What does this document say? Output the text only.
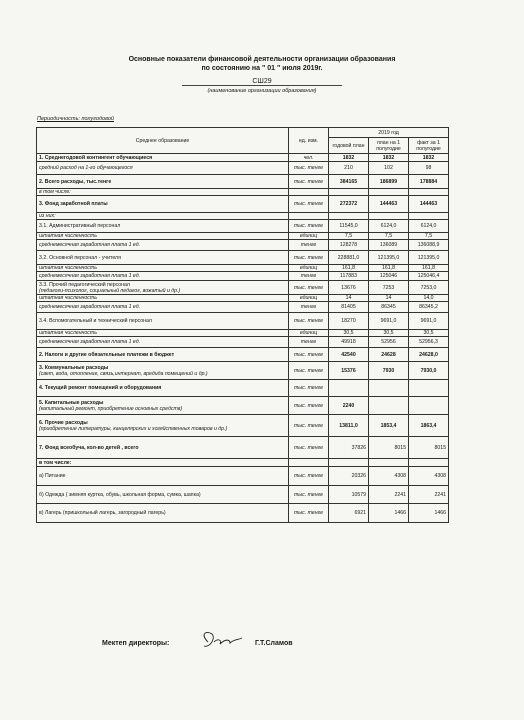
Основные показатели финансовой деятельности организации образования
по состоянию на " 01 " июля 2019г.
СШ29
(наименование организации образования)
Периодичность: полугодовой
Среднее образование	ед. изм.	2019 год		
		годовой план	план на 1 полугодие	факт за 1 полугодие
1. Среднегодовой контингент обучающиеся	чел.	1832	1832	1832
средний расход на 1-го обучающегося	тыс. тенге	210	102	98
2. Всего расходы, тыс.тенге	тыс. тенге	384165	186899	178884
в том числе:				
3. Фонд заработной платы	тыс. тенге	272372	144463	144463
из них:				
3.1. Административный персонал	тыс. тенге	11545,0	6124,0	6124,0
штатная численность	единиц	7,5	7,5	7,5
среднемесячная заработная плата 1 ед.	тенге	128278	136089	136088,9
3.2. Основной персонал - учителя	тыс. тенге	228881,0	121395,0	121395,0
штатная численность	единиц	161,8	161,8	161,8
среднемесячная заработная плата 1 ед.	тенге	117883	125046	125046,4
3.3. Прочий педагогический персонал
(педагоги-психолог, социальный педагог, вожатый и др.)	тыс. тенге	13676	7253	7253,0
штатная численность	единиц	14	14	14,0
среднемесячная заработная плата 1 ед.	тенге	81405	86345	86345,2
3.4. Вспомогательный и технический персонал	тыс. тенге	18270	9691,0	9691,0
штатная численность	единиц	30,5	30,5	30,5
среднемесячная заработная плата 1 ед.	тенге	49918	52956	52956,3
2. Налоги и другие обязательные платежи в бюджет	тыс. тенге	42540	24628	24628,0
3. Коммунальные расходы
(свет, вода, отопление, связь,интернат, вредида помещений и др.)	тыс. тенге	15376	7930	7930,0
4. Текущий ремонт помещений и оборудования	тыс. тенге			
5. Капитальные расходы
(капитальный ремонт, приобретение основных средств)	тыс. тенге	2240		
6. Прочие расходы
(приобретение литературы, канцелярских и хозяйственных товаров и др.)	тыс. тенге	13811,0	1853,4	1863,4
7. Фонд всеобуча, кол-во детей , всего	тыс. тенге	37826	8015	8015
в том числе:				
а) Питание	тыс. тенге	20326	4308	4308
б) Одежда ( зимняя куртка, обувь, школьная форма, сумка, шапка)	тыс. тенге	10579	2241	2241
в) Лагерь (пришкольный лагерь, загородный лагерь)	тыс. тенге	6921	1466	1466
Мектеп директоры:	Г.Т.Сламов
